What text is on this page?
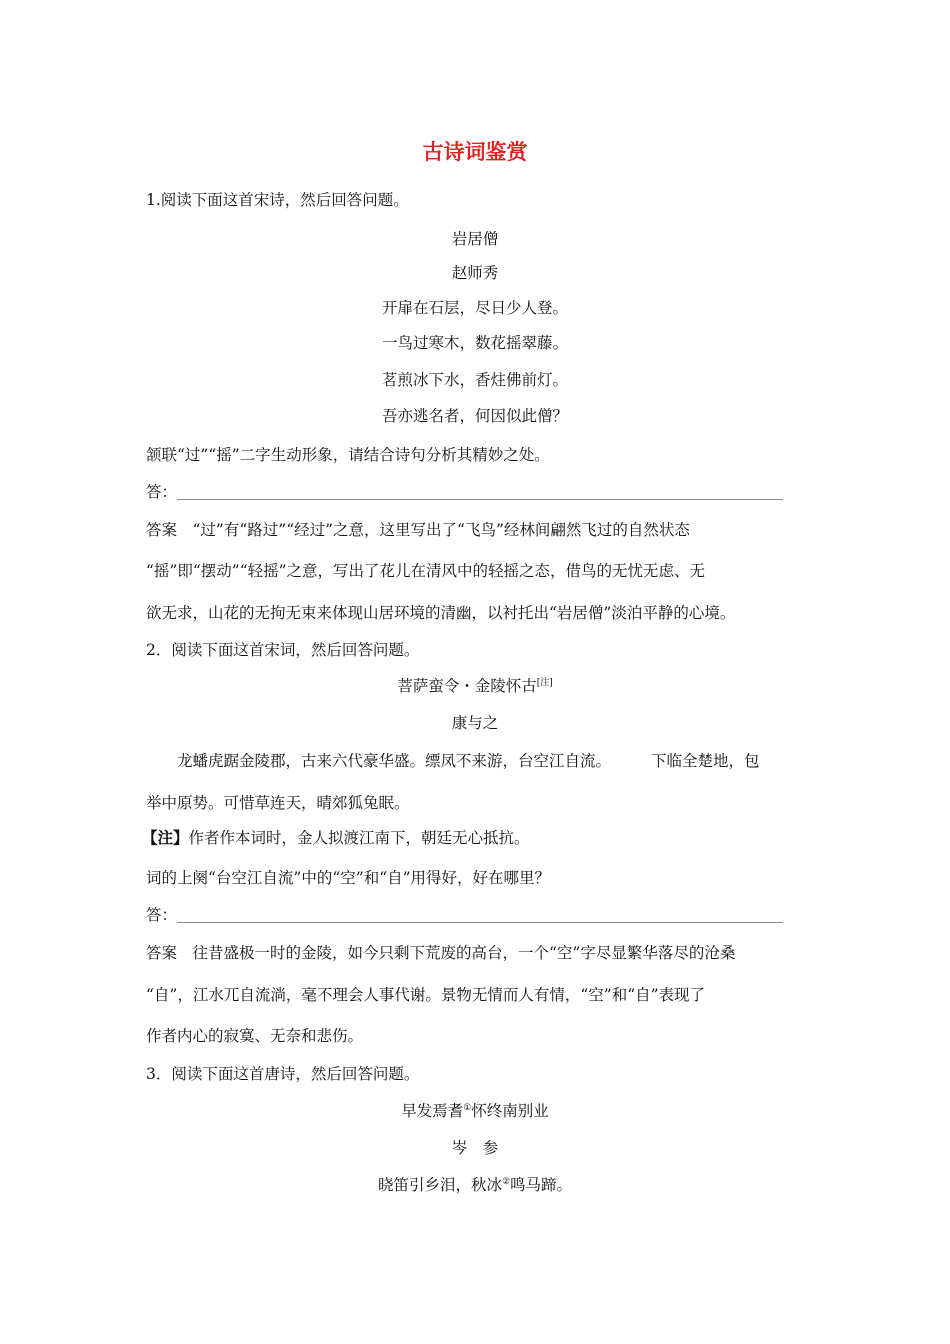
古诗词鉴赏
1.阅读下面这首宋诗，然后回答问题。
岩居僧
赵师秀
开扉在石层，尽日少人登。
一鸟过寒木，数花摇翠藤。
茗煎冰下水，香炷佛前灯。
吾亦逃名者，何因似此僧？
颔联“过”“摇”二字生动形象，请结合诗句分析其精妙之处。
答：
答案　“过”有“路过”“经过”之意，这里写出了“飞鸟”经林间翩然飞过的自然状态
“摇”即“摆动”“轻摇”之意，写出了花儿在清风中的轻摇之态，借鸟的无忧无虑、无
欲无求，山花的无拘无束来体现山居环境的清幽，以衬托出“岩居僧”淡泊平静的心境。
2．阅读下面这首宋词，然后回答问题。
菩萨蛮令・金陵怀古[注]
康与之
龙蟠虎踞金陵郡，古来六代豪华盛。缥凤不来游，台空江自流。	下临全楚地，包
举中原势。可惜草连天，晴郊狐兔眠。
【注】作者作本词时，金人拟渡江南下，朝廷无心抵抗。
词的上阕“台空江自流”中的“空”和“自”用得好，好在哪里？
答：
答案　往昔盛极一时的金陵，如今只剩下荒废的高台，一个“空”字尽显繁华落尽的沧桑
“自”，江水兀自流淌，毫不理会人事代谢。景物无情而人有情，“空”和“自”表现了
作者内心的寂寞、无奈和悲伤。
3．阅读下面这首唐诗，然后回答问题。
早发焉耆①怀终南别业
岑　参
晓笛引乡泪，秋冰②鸣马蹄。
